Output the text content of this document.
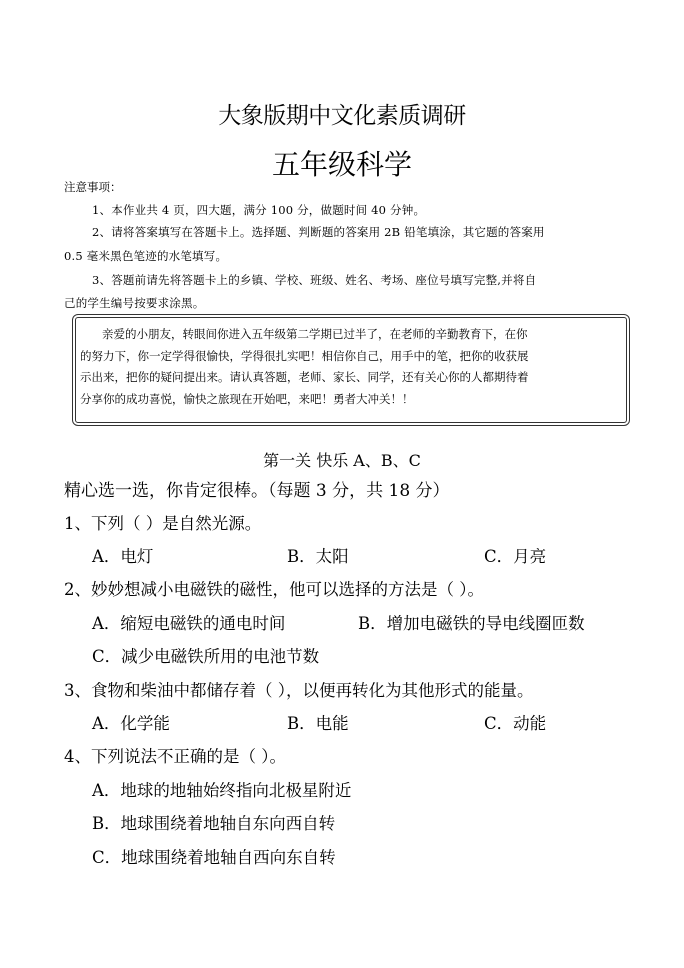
大象版期中文化素质调研
五年级科学
注意事项：
1、本作业共 4 页，四大题，满分 100 分，做题时间 40 分钟。
2、请将答案填写在答题卡上。选择题、判断题的答案用 2B 铅笔填涂，其它题的答案用
0.5 毫米黑色笔迹的水笔填写。
3、答题前请先将答题卡上的乡镇、学校、班级、姓名、考场、座位号填写完整,并将自
己的学生编号按要求涂黑。

亲爱的小朋友，转眼间你进入五年级第二学期已过半了，在老师的辛勤教育下，在你

的努力下，你一定学得很愉快，学得很扎实吧！相信你自己，用手中的笔，把你的收获展

示出来，把你的疑问提出来。请认真答题，老师、家长、同学，还有关心你的人都期待着

分享你的成功喜悦，愉快之旅现在开始吧，来吧！勇者大冲关！！

第一关 快乐 A、B、C
精心选一选，你肯定很棒。（每题 3 分，共 18 分）
1、下列（ ）是自然光源。
A．电灯	B．太阳	C．月亮
2、妙妙想减小电磁铁的磁性，他可以选择的方法是（ ）。
A．缩短电磁铁的通电时间	B．增加电磁铁的导电线圈匝数
C．减少电磁铁所用的电池节数
3、食物和柴油中都储存着（ ），以便再转化为其他形式的能量。
A．化学能	B．电能	C．动能
4、下列说法不正确的是（ ）。
A．地球的地轴始终指向北极星附近
B．地球围绕着地轴自东向西自转
C．地球围绕着地轴自西向东自转
